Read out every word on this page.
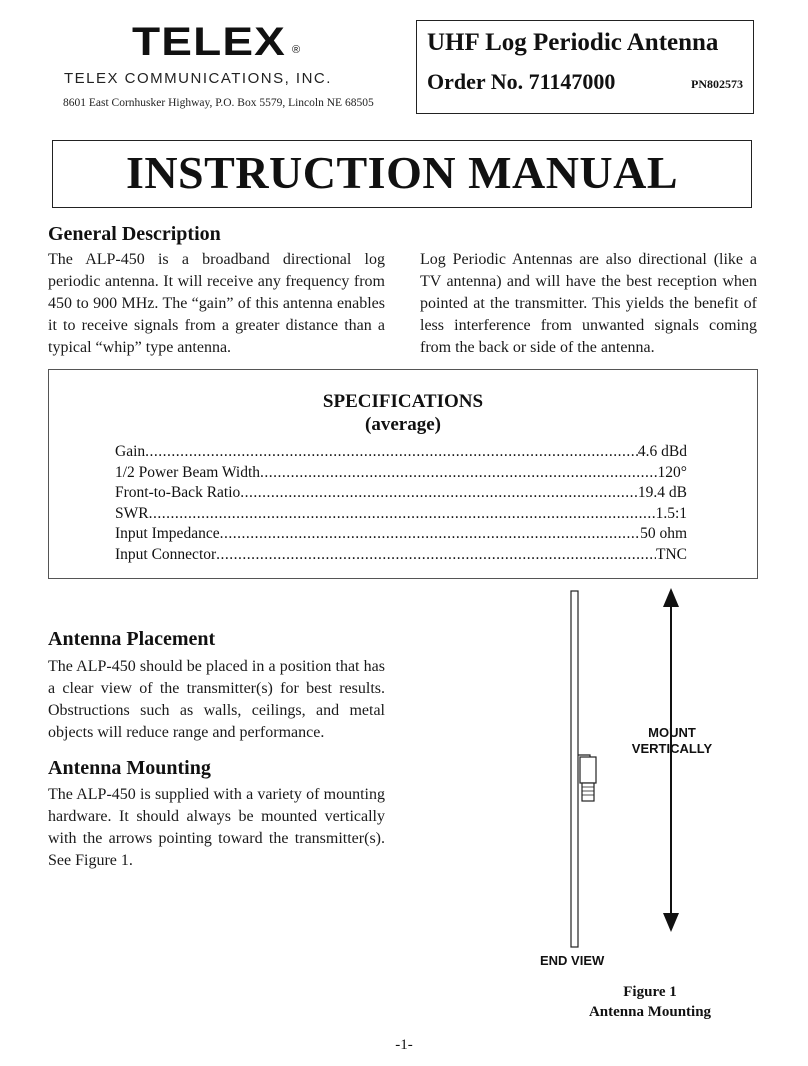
TELEX ®
TELEX COMMUNICATIONS, INC.
8601 East Cornhusker Highway, P.O. Box 5579, Lincoln NE 68505
UHF Log Periodic Antenna
Order No. 71147000	PN802573
INSTRUCTION MANUAL
General Description

The ALP-450 is a broadband directional log periodic antenna. It will receive any frequency from 450 to 900 MHz. The “gain” of this antenna enables it to receive signals from a greater distance than a typical “whip” type antenna.

Log Periodic Antennas are also directional (like a TV antenna) and will have the best reception when pointed at the transmitter. This yields the benefit of less interference from unwanted signals coming from the back or side of the antenna.

SPECIFICATIONS
(average)
Gain .....	4.6 dBd
1/2 Power Beam Width .....	120°
Front-to-Back Ratio .....	19.4 dB
SWR .....	1.5:1
Input Impedance .....	50 ohm
Input Connector .....	TNC
Antenna Placement

The ALP-450 should be placed in a position that has a clear view of the transmitter(s) for best results. Obstructions such as walls, ceilings, and metal objects will reduce range and performance.

Antenna Mounting

The ALP-450 is supplied with a variety of mounting hardware. It should always be mounted vertically with the arrows pointing toward the transmitter(s). See Figure 1.

MOUNT
VERTICALLY
END VIEW
Figure 1
Antenna Mounting
-1-
